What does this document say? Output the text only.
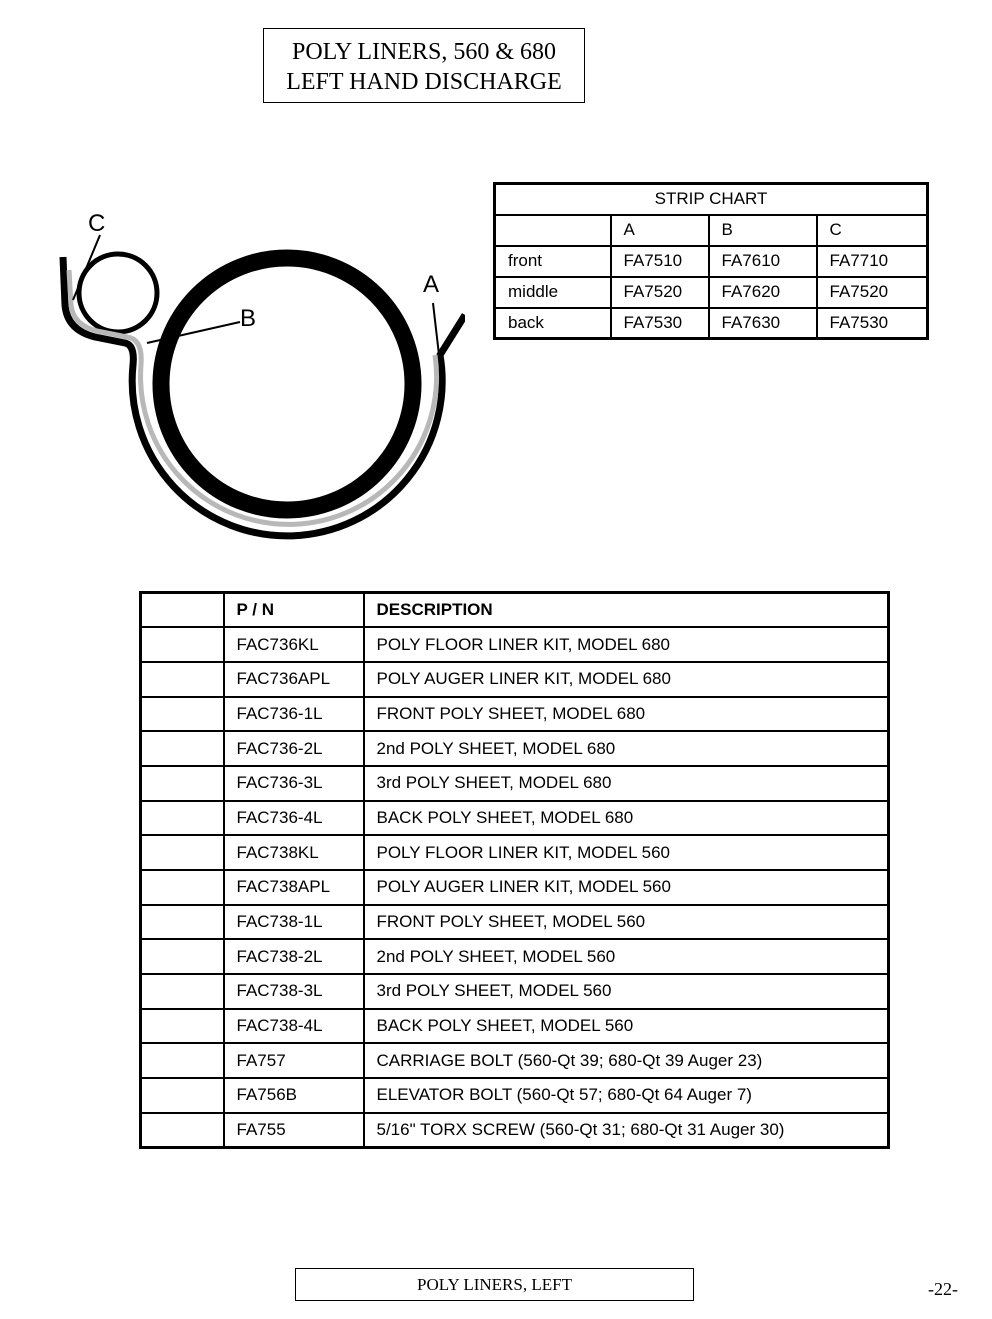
POLY LINERS, 560 & 680
LEFT HAND DISCHARGE
C
B
A
STRIP CHART			
	A	B	C
front	FA7510	FA7610	FA7710
middle	FA7520	FA7620	FA7520
back	FA7530	FA7630	FA7530
	P / N	DESCRIPTION
	FAC736KL	POLY FLOOR LINER KIT, MODEL 680
	FAC736APL	POLY AUGER LINER KIT, MODEL 680
	FAC736-1L	FRONT POLY SHEET, MODEL 680
	FAC736-2L	2nd POLY SHEET, MODEL 680
	FAC736-3L	3rd POLY SHEET, MODEL 680
	FAC736-4L	BACK POLY SHEET, MODEL 680
	FAC738KL	POLY FLOOR LINER KIT, MODEL 560
	FAC738APL	POLY AUGER LINER KIT, MODEL 560
	FAC738-1L	FRONT POLY SHEET, MODEL 560
	FAC738-2L	2nd POLY SHEET, MODEL 560
	FAC738-3L	3rd POLY SHEET, MODEL 560
	FAC738-4L	BACK POLY SHEET, MODEL 560
	FA757	CARRIAGE BOLT (560-Qt 39; 680-Qt 39 Auger 23)
	FA756B	ELEVATOR BOLT (560-Qt 57; 680-Qt 64 Auger 7)
	FA755	5/16" TORX SCREW (560-Qt 31; 680-Qt 31 Auger 30)
POLY LINERS, LEFT	-22-
